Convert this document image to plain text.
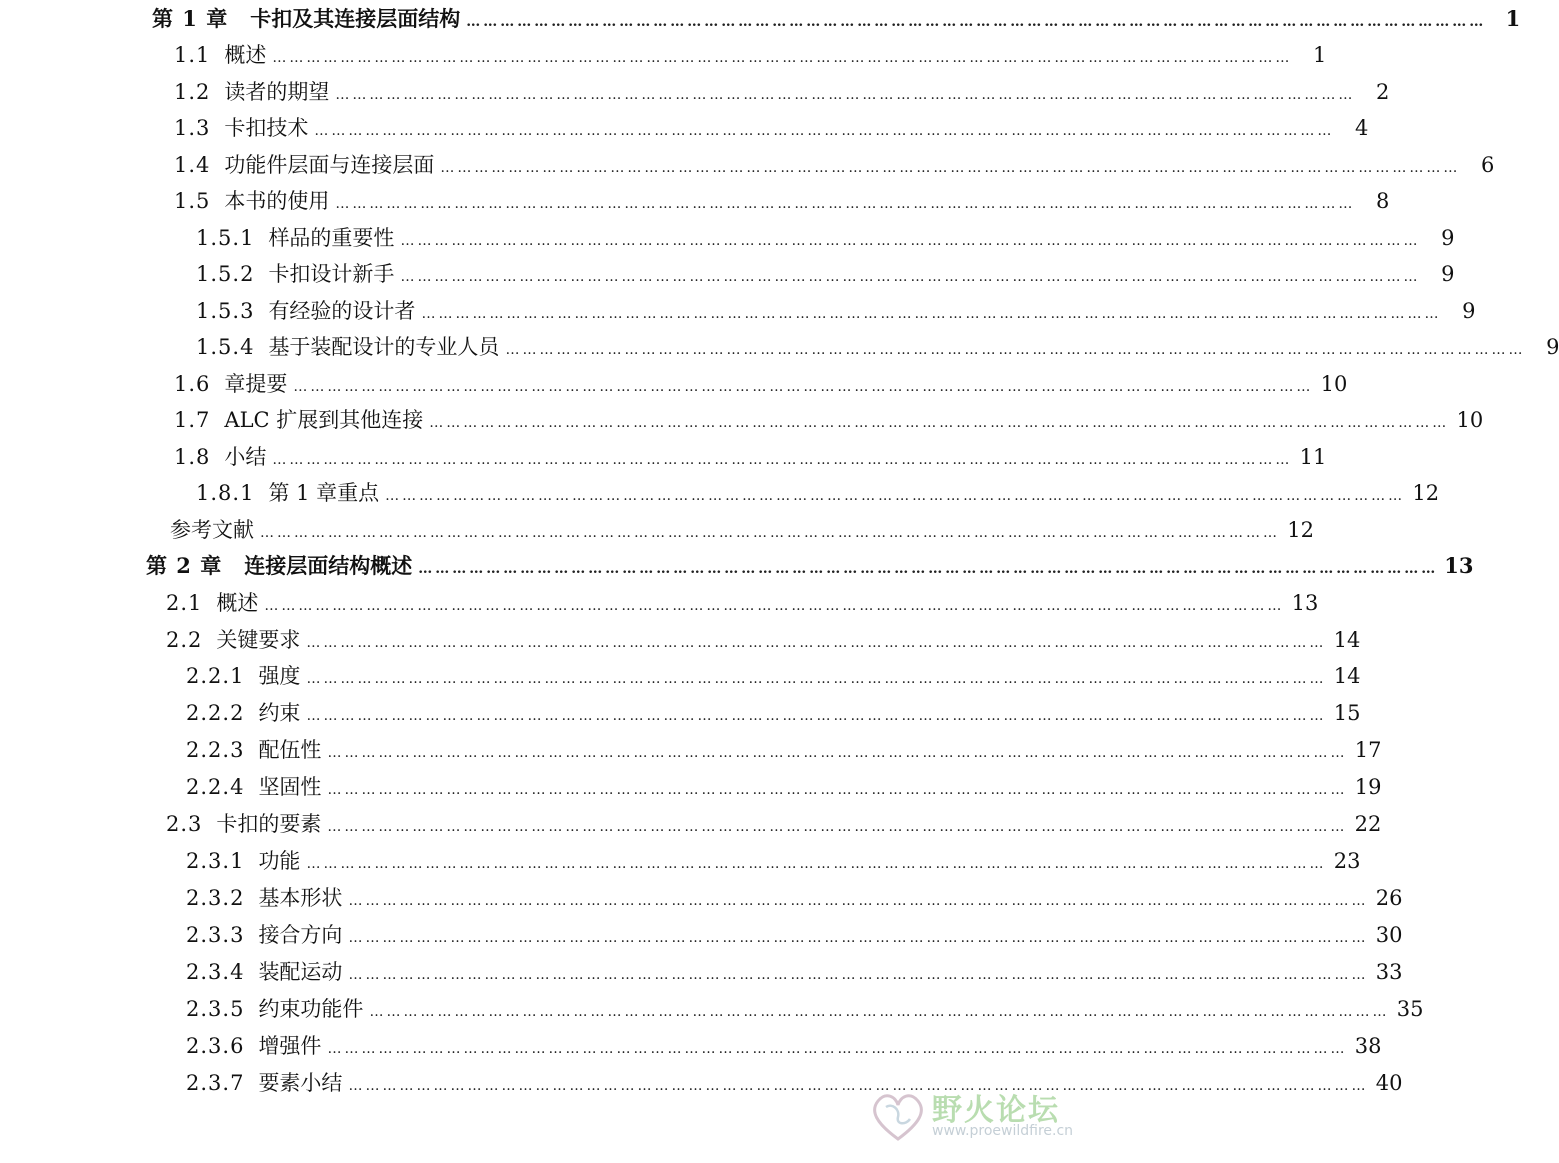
第 1 章	卡扣及其连接层面结构 ……………………………………………………………………………………………………………………………………………………………… 1
1.1 概述 ……………………………………………………………………………………………………………………………………………………………… 1
1.2 读者的期望 ……………………………………………………………………………………………………………………………………………………………… 2
1.3 卡扣技术 ……………………………………………………………………………………………………………………………………………………………… 4
1.4 功能件层面与连接层面 ……………………………………………………………………………………………………………………………………………………………… 6
1.5 本书的使用 ……………………………………………………………………………………………………………………………………………………………… 8
1.5.1 样品的重要性 ……………………………………………………………………………………………………………………………………………………………… 9
1.5.2 卡扣设计新手 ……………………………………………………………………………………………………………………………………………………………… 9
1.5.3 有经验的设计者 ……………………………………………………………………………………………………………………………………………………………… 9
1.5.4 基于装配设计的专业人员 ……………………………………………………………………………………………………………………………………………………………… 9
1.6 章提要 ……………………………………………………………………………………………………………………………………………………………… 10
1.7 ALC 扩展到其他连接 ……………………………………………………………………………………………………………………………………………………………… 10
1.8 小结 ……………………………………………………………………………………………………………………………………………………………… 11
1.8.1 第 1 章重点 ……………………………………………………………………………………………………………………………………………………………… 12
参考文献 ……………………………………………………………………………………………………………………………………………………………… 12
第 2 章	连接层面结构概述 ……………………………………………………………………………………………………………………………………………………………… 13
2.1 概述 ……………………………………………………………………………………………………………………………………………………………… 13
2.2 关键要求 ……………………………………………………………………………………………………………………………………………………………… 14
2.2.1 强度 ……………………………………………………………………………………………………………………………………………………………… 14
2.2.2 约束 ……………………………………………………………………………………………………………………………………………………………… 15
2.2.3 配伍性 ……………………………………………………………………………………………………………………………………………………………… 17
2.2.4 坚固性 ……………………………………………………………………………………………………………………………………………………………… 19
2.3 卡扣的要素 ……………………………………………………………………………………………………………………………………………………………… 22
2.3.1 功能 ……………………………………………………………………………………………………………………………………………………………… 23
2.3.2 基本形状 ……………………………………………………………………………………………………………………………………………………………… 26
2.3.3 接合方向 ……………………………………………………………………………………………………………………………………………………………… 30
2.3.4 装配运动 ……………………………………………………………………………………………………………………………………………………………… 33
2.3.5 约束功能件 ……………………………………………………………………………………………………………………………………………………………… 35
2.3.6 增强件 ……………………………………………………………………………………………………………………………………………………………… 38
2.3.7 要素小结 ……………………………………………………………………………………………………………………………………………………………… 40
野火论坛
www.proewildfire.cn
